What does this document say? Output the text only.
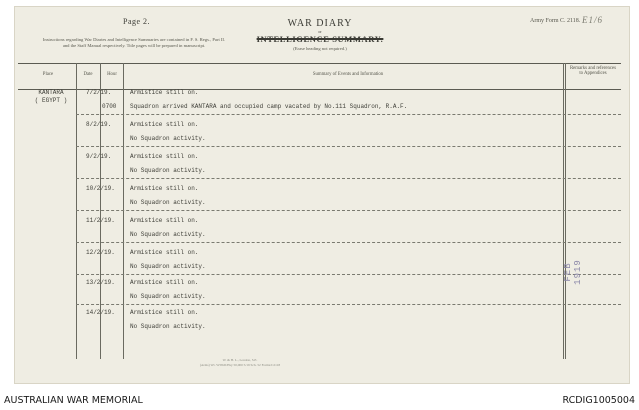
Page 2.
Instructions regarding War Diaries and Intelligence Summaries are contained in F. S. Regs., Part II. and the Staff Manual respectively. Title pages will be prepared in manuscript.
WAR DIARY
or
INTELLIGENCE SUMMARY.
(Erase heading not required.)
Army Form C. 2118. E1/6
Place	Date	Hour	Summary of Events and Information
Remarks and references to Appendices
KANTARA
( EGYPT )
7/2/19.	Armistice still on.
0700 Squadron arrived KANTARA and occupied camp vacated by No.111 Squadron, R.A.F.
8/2/19.	Armistice still on.
No Squadron activity.
9/2/19.	Armistice still on.
No Squadron activity.
10/2/19.	Armistice still on.
No Squadron activity.
11/2/19.	Armistice still on.
No Squadron activity.
12/2/19.	Armistice still on.
No Squadron activity.
13/2/19.	Armistice still on.
No Squadron activity.
14/2/19.	Armistice still on.
No Squadron activity.
FEB 1919
W. & H. L., London, S.E.
(Arms) Wt. W5845/Hsy 50,000 5/19 Sch. 52 Forms/C2118
AUSTRALIAN WAR MEMORIAL	RCDIG1005004
